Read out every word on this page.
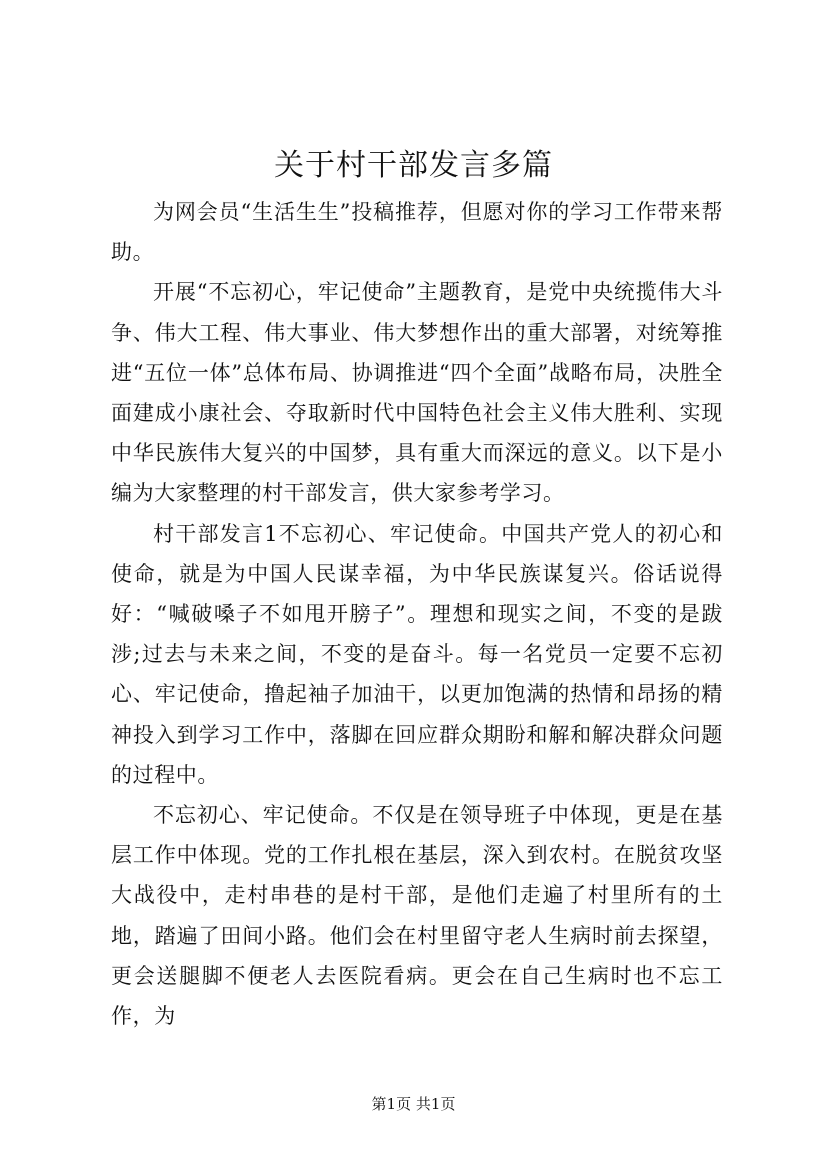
关于村干部发言多篇

为网会员“生活生生”投稿推荐，但愿对你的学习工作带来帮助。

开展“不忘初心，牢记使命”主题教育，是党中央统揽伟大斗争、伟大工程、伟大事业、伟大梦想作出的重大部署，对统筹推进“五位一体”总体布局、协调推进“四个全面”战略布局，决胜全面建成小康社会、夺取新时代中国特色社会主义伟大胜利、实现中华民族伟大复兴的中国梦，具有重大而深远的意义。以下是小编为大家整理的村干部发言，供大家参考学习。

村干部发言1不忘初心、牢记使命。中国共产党人的初心和使命，就是为中国人民谋幸福，为中华民族谋复兴。俗话说得好：“喊破嗓子不如甩开膀子”。理想和现实之间，不变的是跋涉;过去与未来之间，不变的是奋斗。每一名党员一定要不忘初心、牢记使命，撸起袖子加油干，以更加饱满的热情和昂扬的精神投入到学习工作中，落脚在回应群众期盼和解和解决群众问题的过程中。

不忘初心、牢记使命。不仅是在领导班子中体现，更是在基层工作中体现。党的工作扎根在基层，深入到农村。在脱贫攻坚大战役中，走村串巷的是村干部，是他们走遍了村里所有的土地，踏遍了田间小路。他们会在村里留守老人生病时前去探望，更会送腿脚不便老人去医院看病。更会在自己生病时也不忘工作，为

第1页 共1页
